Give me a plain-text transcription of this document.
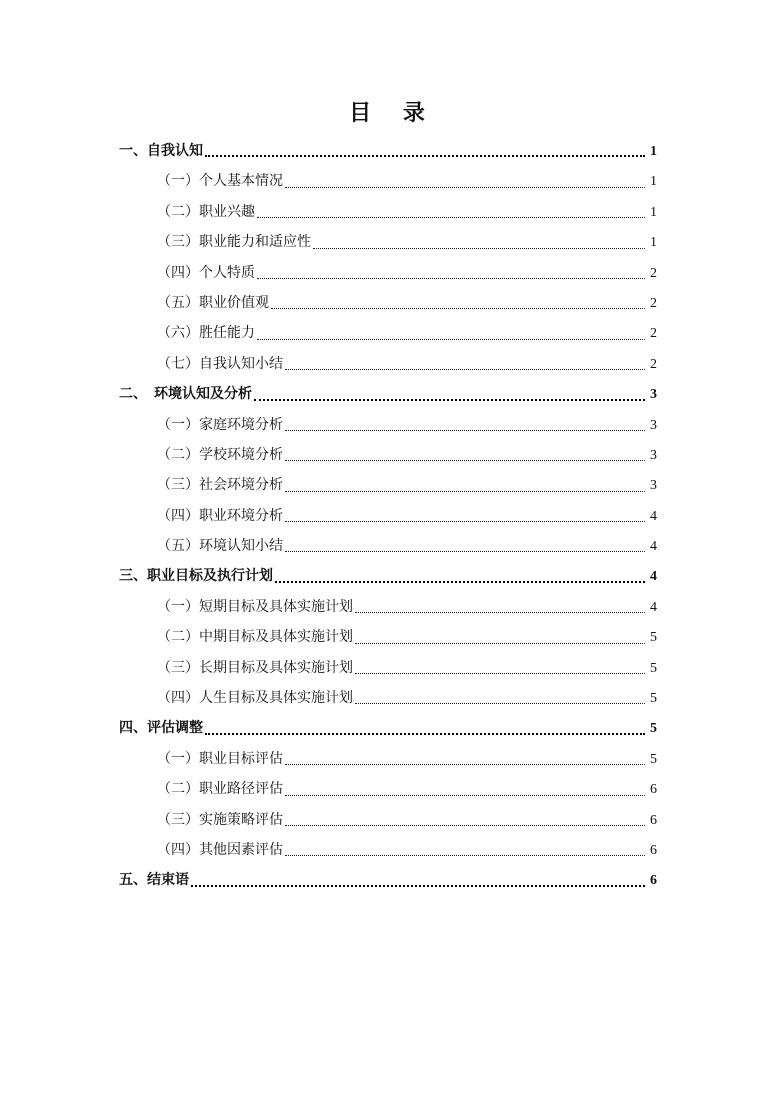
目 录
一、自我认知	1
（一）个人基本情况	1
（二）职业兴趣	1
（三）职业能力和适应性	1
（四）个人特质	2
（五）职业价值观	2
（六）胜任能力	2
（七）自我认知小结	2
二、　环境认知及分析	3
（一）家庭环境分析	3
（二）学校环境分析	3
（三）社会环境分析	3
（四）职业环境分析	4
（五）环境认知小结	4
三、职业目标及执行计划	4
（一）短期目标及具体实施计划	4
（二）中期目标及具体实施计划	5
（三）长期目标及具体实施计划	5
（四）人生目标及具体实施计划	5
四、评估调整	5
（一）职业目标评估	5
（二）职业路径评估	6
（三）实施策略评估	6
（四）其他因素评估	6
五、结束语	6
